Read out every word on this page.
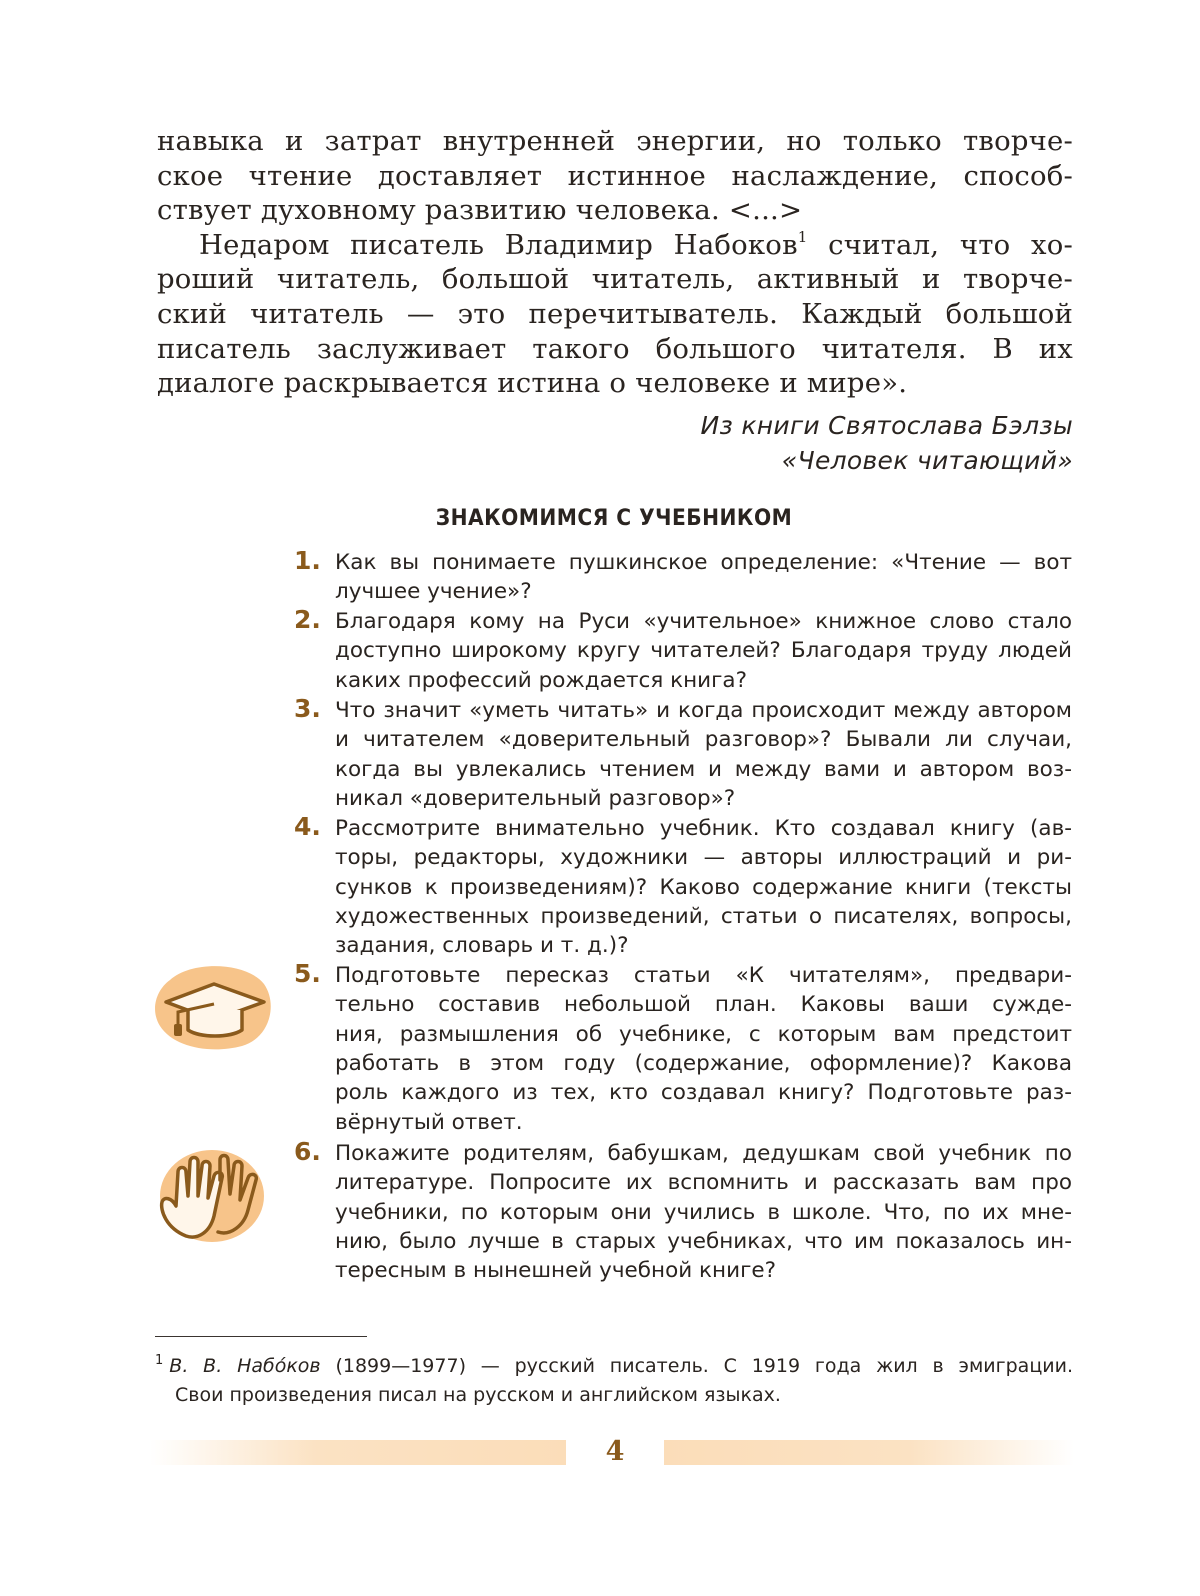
навыка и затрат внутренней энергии, но только творче-
ское чтение доставляет истинное наслаждение, способ-
ствует духовному развитию человека. <...>
Недаром писатель Владимир Набоков$^1$ считал, что хо-
роший читатель, большой читатель, активный и творче-
ский читатель — это перечитыватель. Каждый большой
писатель заслуживает такого большого читателя. В их
диалоге раскрывается истина о человеке и мире».
Из книги Святослава Бэлзы
«Человек читающий»
ЗНАКОМИМСЯ С УЧЕБНИКОМ
1. Как вы понимаете пушкинское определение: «Чтение — вот
лучшее учение»?
2. Благодаря кому на Руси «учительное» книжное слово стало
доступно широкому кругу читателей? Благодаря труду людей
каких профессий рождается книга?
3. Что значит «уметь читать» и когда происходит между автором
и читателем «доверительный разговор»? Бывали ли случаи,
когда вы увлекались чтением и между вами и автором воз-
никал «доверительный разговор»?
4. Рассмотрите внимательно учебник. Кто создавал книгу (ав-
торы, редакторы, художники — авторы иллюстраций и ри-
сунков к произведениям)? Каково содержание книги (тексты
художественных произведений, статьи о писателях, вопросы,
задания, словарь и т. д.)?
5. Подготовьте пересказ статьи «К читателям», предвари-
тельно составив небольшой план. Каковы ваши сужде-
ния, размышления об учебнике, с которым вам предстоит
работать в этом году (содержание, оформление)? Какова
роль каждого из тех, кто создавал книгу? Подготовьте раз-
вёрнутый ответ.
6. Покажите родителям, бабушкам, дедушкам свой учебник по
литературе. Попросите их вспомнить и рассказать вам про
учебники, по которым они учились в школе. Что, по их мне-
нию, было лучше в старых учебниках, что им показалось ин-
тересным в нынешней учебной книге?
$^1$ В. В. Набóков (1899—1977) — русский писатель. С 1919 года жил в эмиграции.
Свои произведения писал на русском и английском языках.
4
